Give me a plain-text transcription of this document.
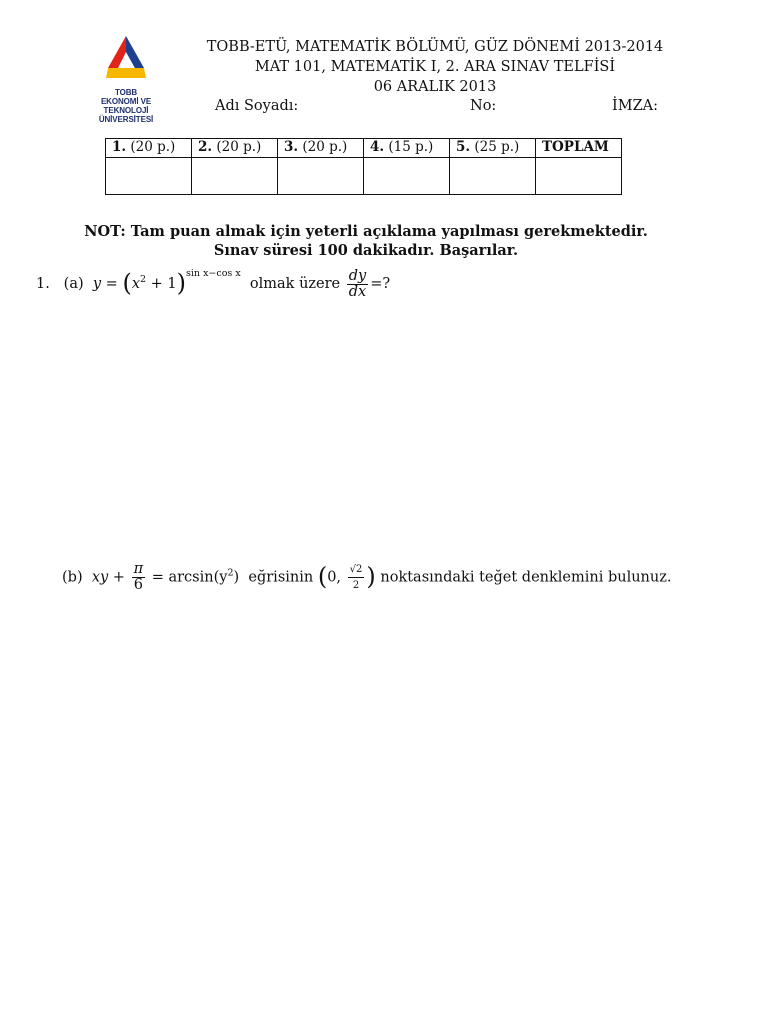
TOBB
EKONOMİ VE TEKNOLOJİ
ÜNİVERSİTESİ
TOBB-ETÜ, MATEMATİK BÖLÜMÜ, GÜZ DÖNEMİ 2013-2014
MAT 101, MATEMATİK I, 2. ARA SINAV TELFİSİ
06 ARALIK 2013
Adı Soyadı:	No:	İMZA:
1. (20 p.)	2. (20 p.)	3. (20 p.)	4. (15 p.)	5. (25 p.)	TOPLAM

NOT: Tam puan almak için yeterli açıklama yapılması gerekmektedir.
Sınav süresi 100 dakikadır. Başarılar.
1. (a) $y = (x^2 + 1)^{sin x-cos x}$  olmak üzere $\frac{dy}{dx}$ =?
(b) xy + $\frac{\pi}{6} = \arcsin(y^2)$ eğrisinin (0, $\frac{√2}{2}$ ) noktasındaki teğet denklemini bulunuz.
